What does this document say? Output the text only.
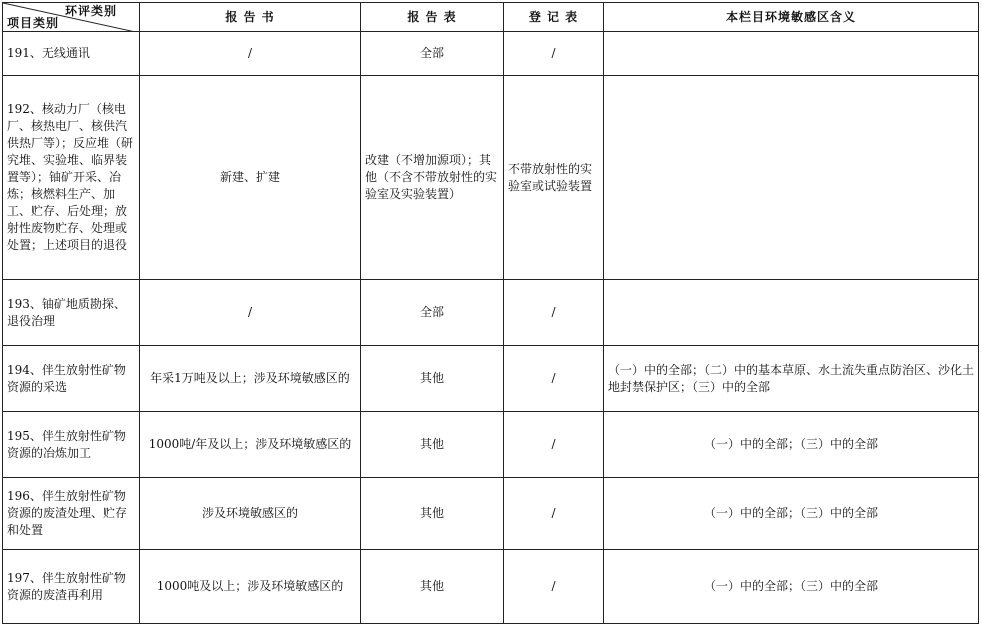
环评类别
项目类别	报 告 书	报 告 表	登 记 表	本栏目环境敏感区含义
191、无线通讯	/	全部	/	
192、核动力厂（核电厂、核热电厂、核供汽供热厂等）；反应堆（研究堆、实验堆、临界装置等）；铀矿开采、冶炼；核燃料生产、加工、贮存、后处理；放射性废物贮存、处理或处置；上述项目的退役	新建、扩建	改建（不增加源项）；其他（不含不带放射性的实验室及实验装置）	不带放射性的实验室或试验装置	
193、铀矿地质勘探、退役治理	/	全部	/	
194、伴生放射性矿物资源的采选	年采1万吨及以上；涉及环境敏感区的	其他	/	（一）中的全部；（二）中的基本草原、水土流失重点防治区、沙化土地封禁保护区；（三）中的全部
195、伴生放射性矿物资源的冶炼加工	1000吨/年及以上；涉及环境敏感区的	其他	/	（一）中的全部；（三）中的全部
196、伴生放射性矿物资源的废渣处理、贮存和处置	涉及环境敏感区的	其他	/	（一）中的全部；（三）中的全部
197、伴生放射性矿物资源的废渣再利用	1000吨及以上；涉及环境敏感区的	其他	/	（一）中的全部；（三）中的全部
